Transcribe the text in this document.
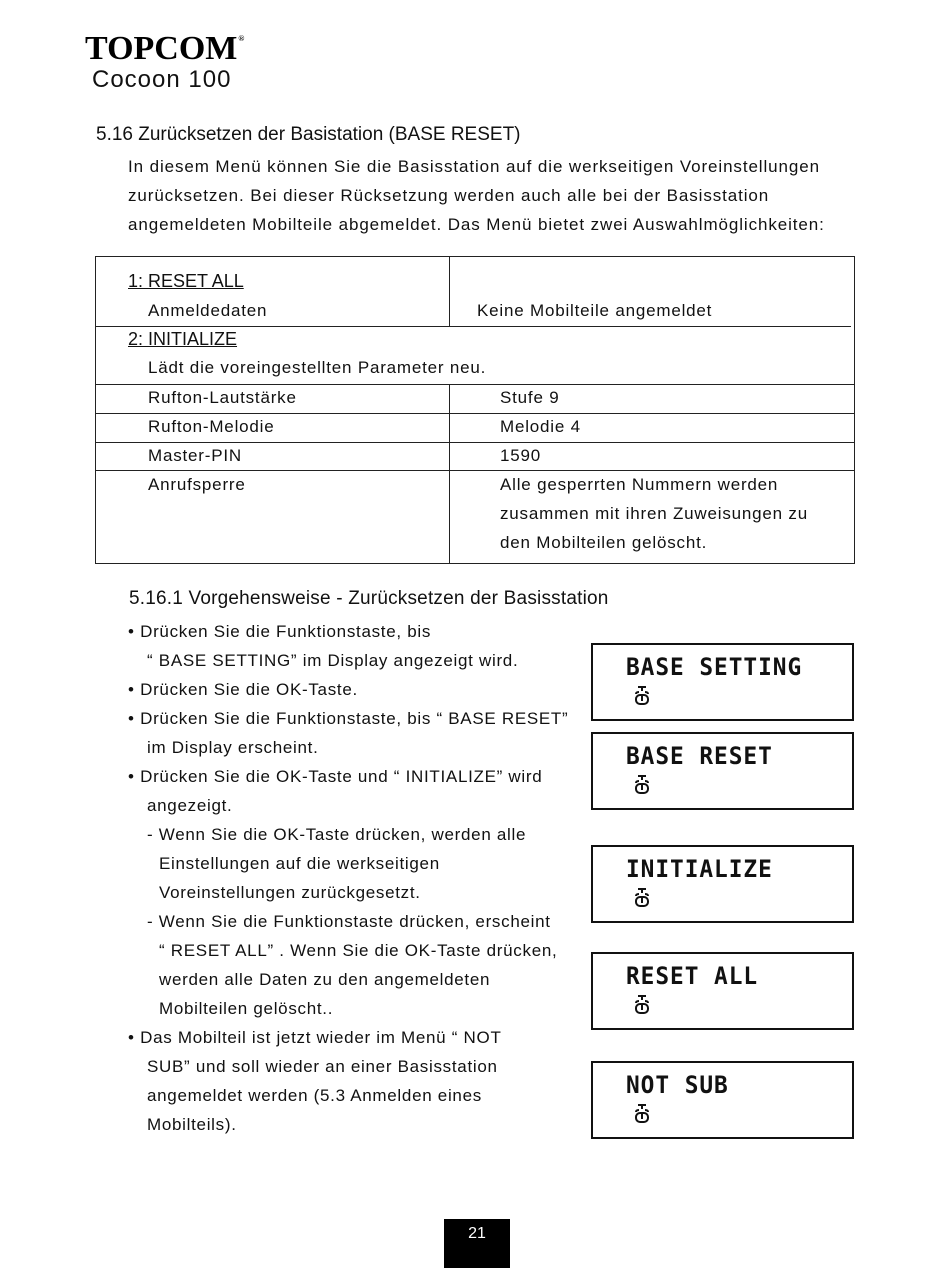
TOPCOM®
Cocoon 100
5.16 Zurücksetzen der Basistation (BASE RESET)
In diesem Menü können Sie die Basisstation auf die werkseitigen Voreinstellungen
zurücksetzen. Bei dieser Rücksetzung werden auch alle bei der Basisstation
angemeldeten Mobilteile abgemeldet. Das Menü bietet zwei Auswahlmöglichkeiten:
1: RESET ALL
Anmeldedaten	Keine Mobilteile angemeldet
2: INITIALIZE
Lädt die voreingestellten Parameter neu.
Rufton-Lautstärke	Stufe 9
Rufton-Melodie	Melodie 4
Master-PIN	1590
Anrufsperre	Alle gesperrten Nummern werden
zusammen mit ihren Zuweisungen zu
den Mobilteilen gelöscht.
5.16.1 Vorgehensweise - Zurücksetzen der Basisstation
• Drücken Sie die Funktionstaste, bis
“ BASE SETTING” im Display angezeigt wird.
• Drücken Sie die OK-Taste.
• Drücken Sie die Funktionstaste, bis “ BASE RESET”
im Display erscheint.
• Drücken Sie die OK-Taste und “ INITIALIZE” wird
angezeigt.
- Wenn Sie die OK-Taste drücken, werden alle
Einstellungen auf die werkseitigen
Voreinstellungen zurückgesetzt.
- Wenn Sie die Funktionstaste drücken, erscheint
“ RESET ALL” . Wenn Sie die OK-Taste drücken,
werden alle Daten zu den angemeldeten
Mobilteilen gelöscht..
• Das Mobilteil ist jetzt wieder im Menü “ NOT
SUB” und soll wieder an einer Basisstation
angemeldet werden (5.3 Anmelden eines
Mobilteils).
BASE SETTING
BASE RESET
INITIALIZE
RESET ALL
NOT SUB
21
